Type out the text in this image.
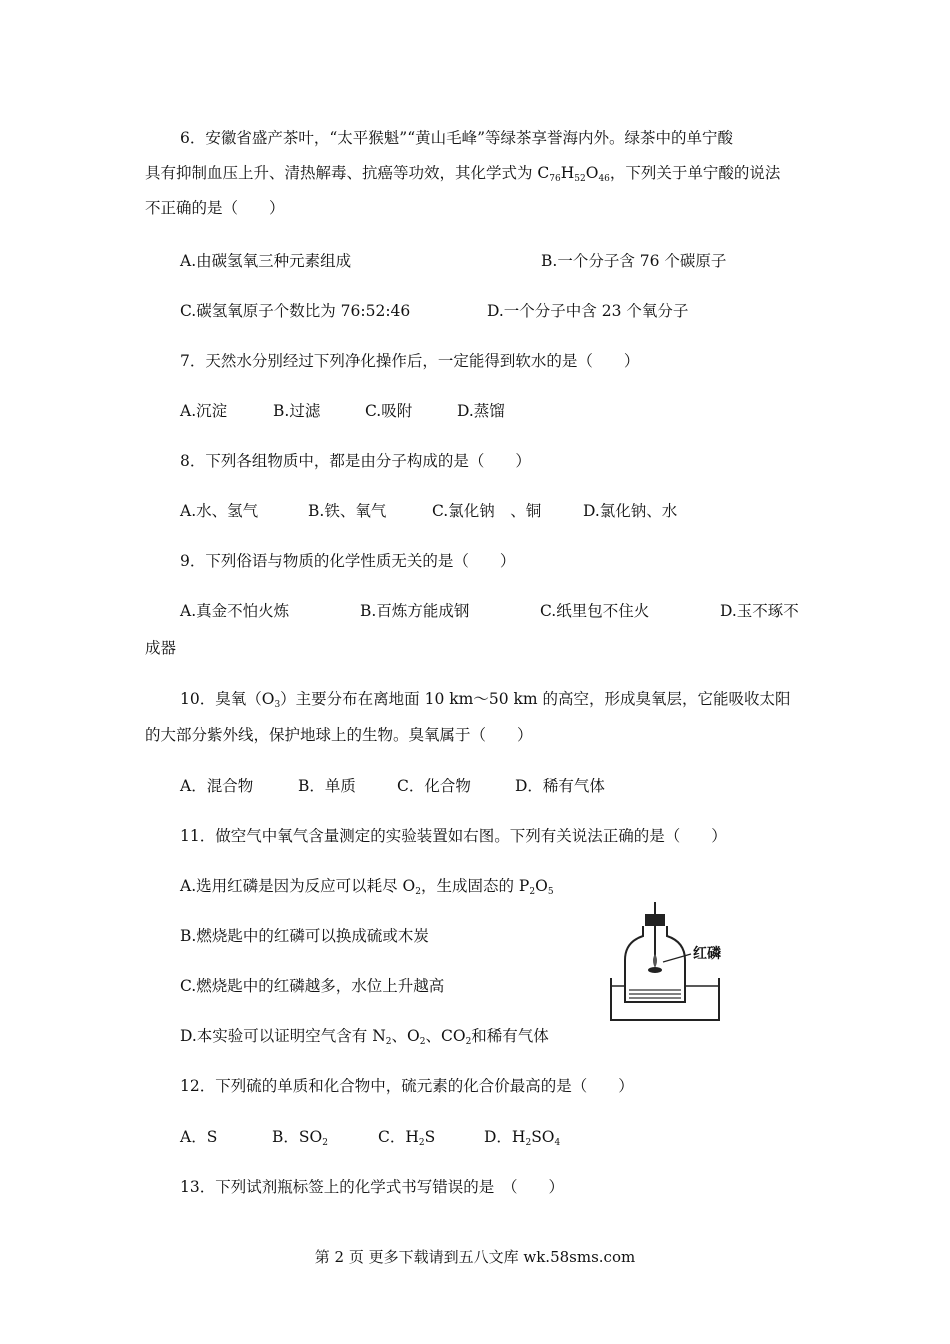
6．安徽省盛产茶叶，“太平猴魁”“黄山毛峰”等绿茶享誉海内外。绿茶中的单宁酸
具有抑制血压上升、清热解毒、抗癌等功效，其化学式为 $C_{76}H_{52}O_{46}$，下列关于单宁酸的说法
不正确的是（　　）
A.由碳氢氧三种元素组成	B.一个分子含 76 个碳原子
C.碳氢氧原子个数比为 76:52:46	D.一个分子中含 23 个氧分子
7．天然水分别经过下列净化操作后，一定能得到软水的是（　　）
A.沉淀	B.过滤	C.吸附	D.蒸馏
8．下列各组物质中，都是由分子构成的是（　　）
A.水、氢气	B.铁、氧气	C.氯化钠　、铜	D.氯化钠、水
9．下列俗语与物质的化学性质无关的是（　　）
A.真金不怕火炼	B.百炼方能成钢	C.纸里包不住火	D.玉不琢不
成器
10．臭氧$(O_3)$主要分布在离地面 10 km～50 km 的高空，形成臭氧层，它能吸收太阳
的大部分紫外线，保护地球上的生物。臭氧属于（　　）
A．混合物	B．单质	C．化合物	D．稀有气体
11．做空气中氧气含量测定的实验装置如右图。下列有关说法正确的是（　　）
A.选用红磷是因为反应可以耗尽 $O_2$，生成固态的 $P_2O_5$
B.燃烧匙中的红磷可以换成硫或木炭
C.燃烧匙中的红磷越多，水位上升越高
D.本实验可以证明空气含有 $N_2$、$O_2$、$CO_2$和稀有气体
红磷
12．下列硫的单质和化合物中，硫元素的化合价最高的是（　　）
A．S	B．$SO_2$	C．$H_2S$	D．$H_2SO_4$
13．下列试剂瓶标签上的化学式书写错误的是　（　　）
第 2 页 更多下载请到五八文库 wk.58sms.com
